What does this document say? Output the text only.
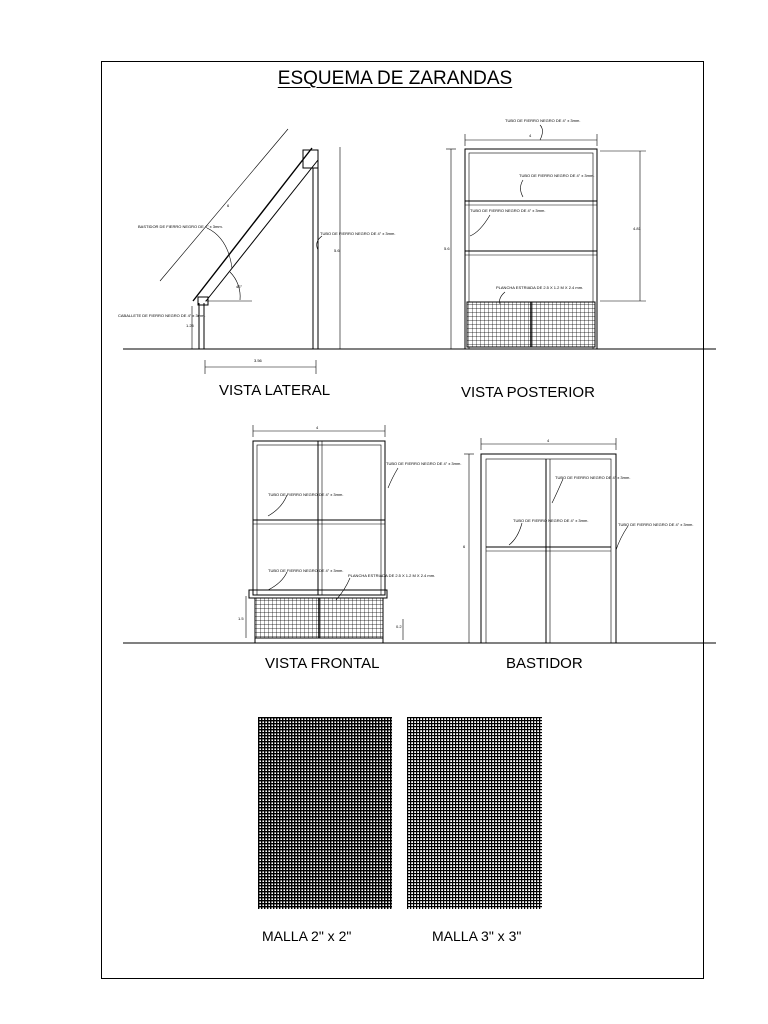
ESQUEMA DE ZARANDAS
BASTIDOR DE FIERRO NEGRO DE 4" x 3mm.
TUBO DE FIERRO NEGRO DE 4" x 3mm.
CABALLETE DE FIERRO NEGRO DE 4" x 3mm.
6
5.6
3.56
1.25
45°
TUBO DE FIERRO NEGRO DE 4" x 3mm.
TUBO DE FIERRO NEGRO DE 4" x 3mm.
TUBO DE FIERRO NEGRO DE 4" x 3mm.
PLANCHA ESTRIADA DE 2.5 X 1.2 M X 2.4 mm.
4
5.6
4.81
TUBO DE FIERRO NEGRO DE 4" x 3mm.
TUBO DE FIERRO NEGRO DE 4" x 3mm.
TUBO DE FIERRO NEGRO DE 4" x 3mm.
PLANCHA ESTRIADA DE 2.5 X 1.2 M X 2.4 mm.
4
1.5
0.2
TUBO DE FIERRO NEGRO DE 4" x 3mm.
TUBO DE FIERRO NEGRO DE 4" x 3mm.
TUBO DE FIERRO NEGRO DE 4" x 3mm.
4
6
VISTA LATERAL	VISTA POSTERIOR
VISTA FRONTAL	BASTIDOR
MALLA 2" x 2"	MALLA 3" x 3"
